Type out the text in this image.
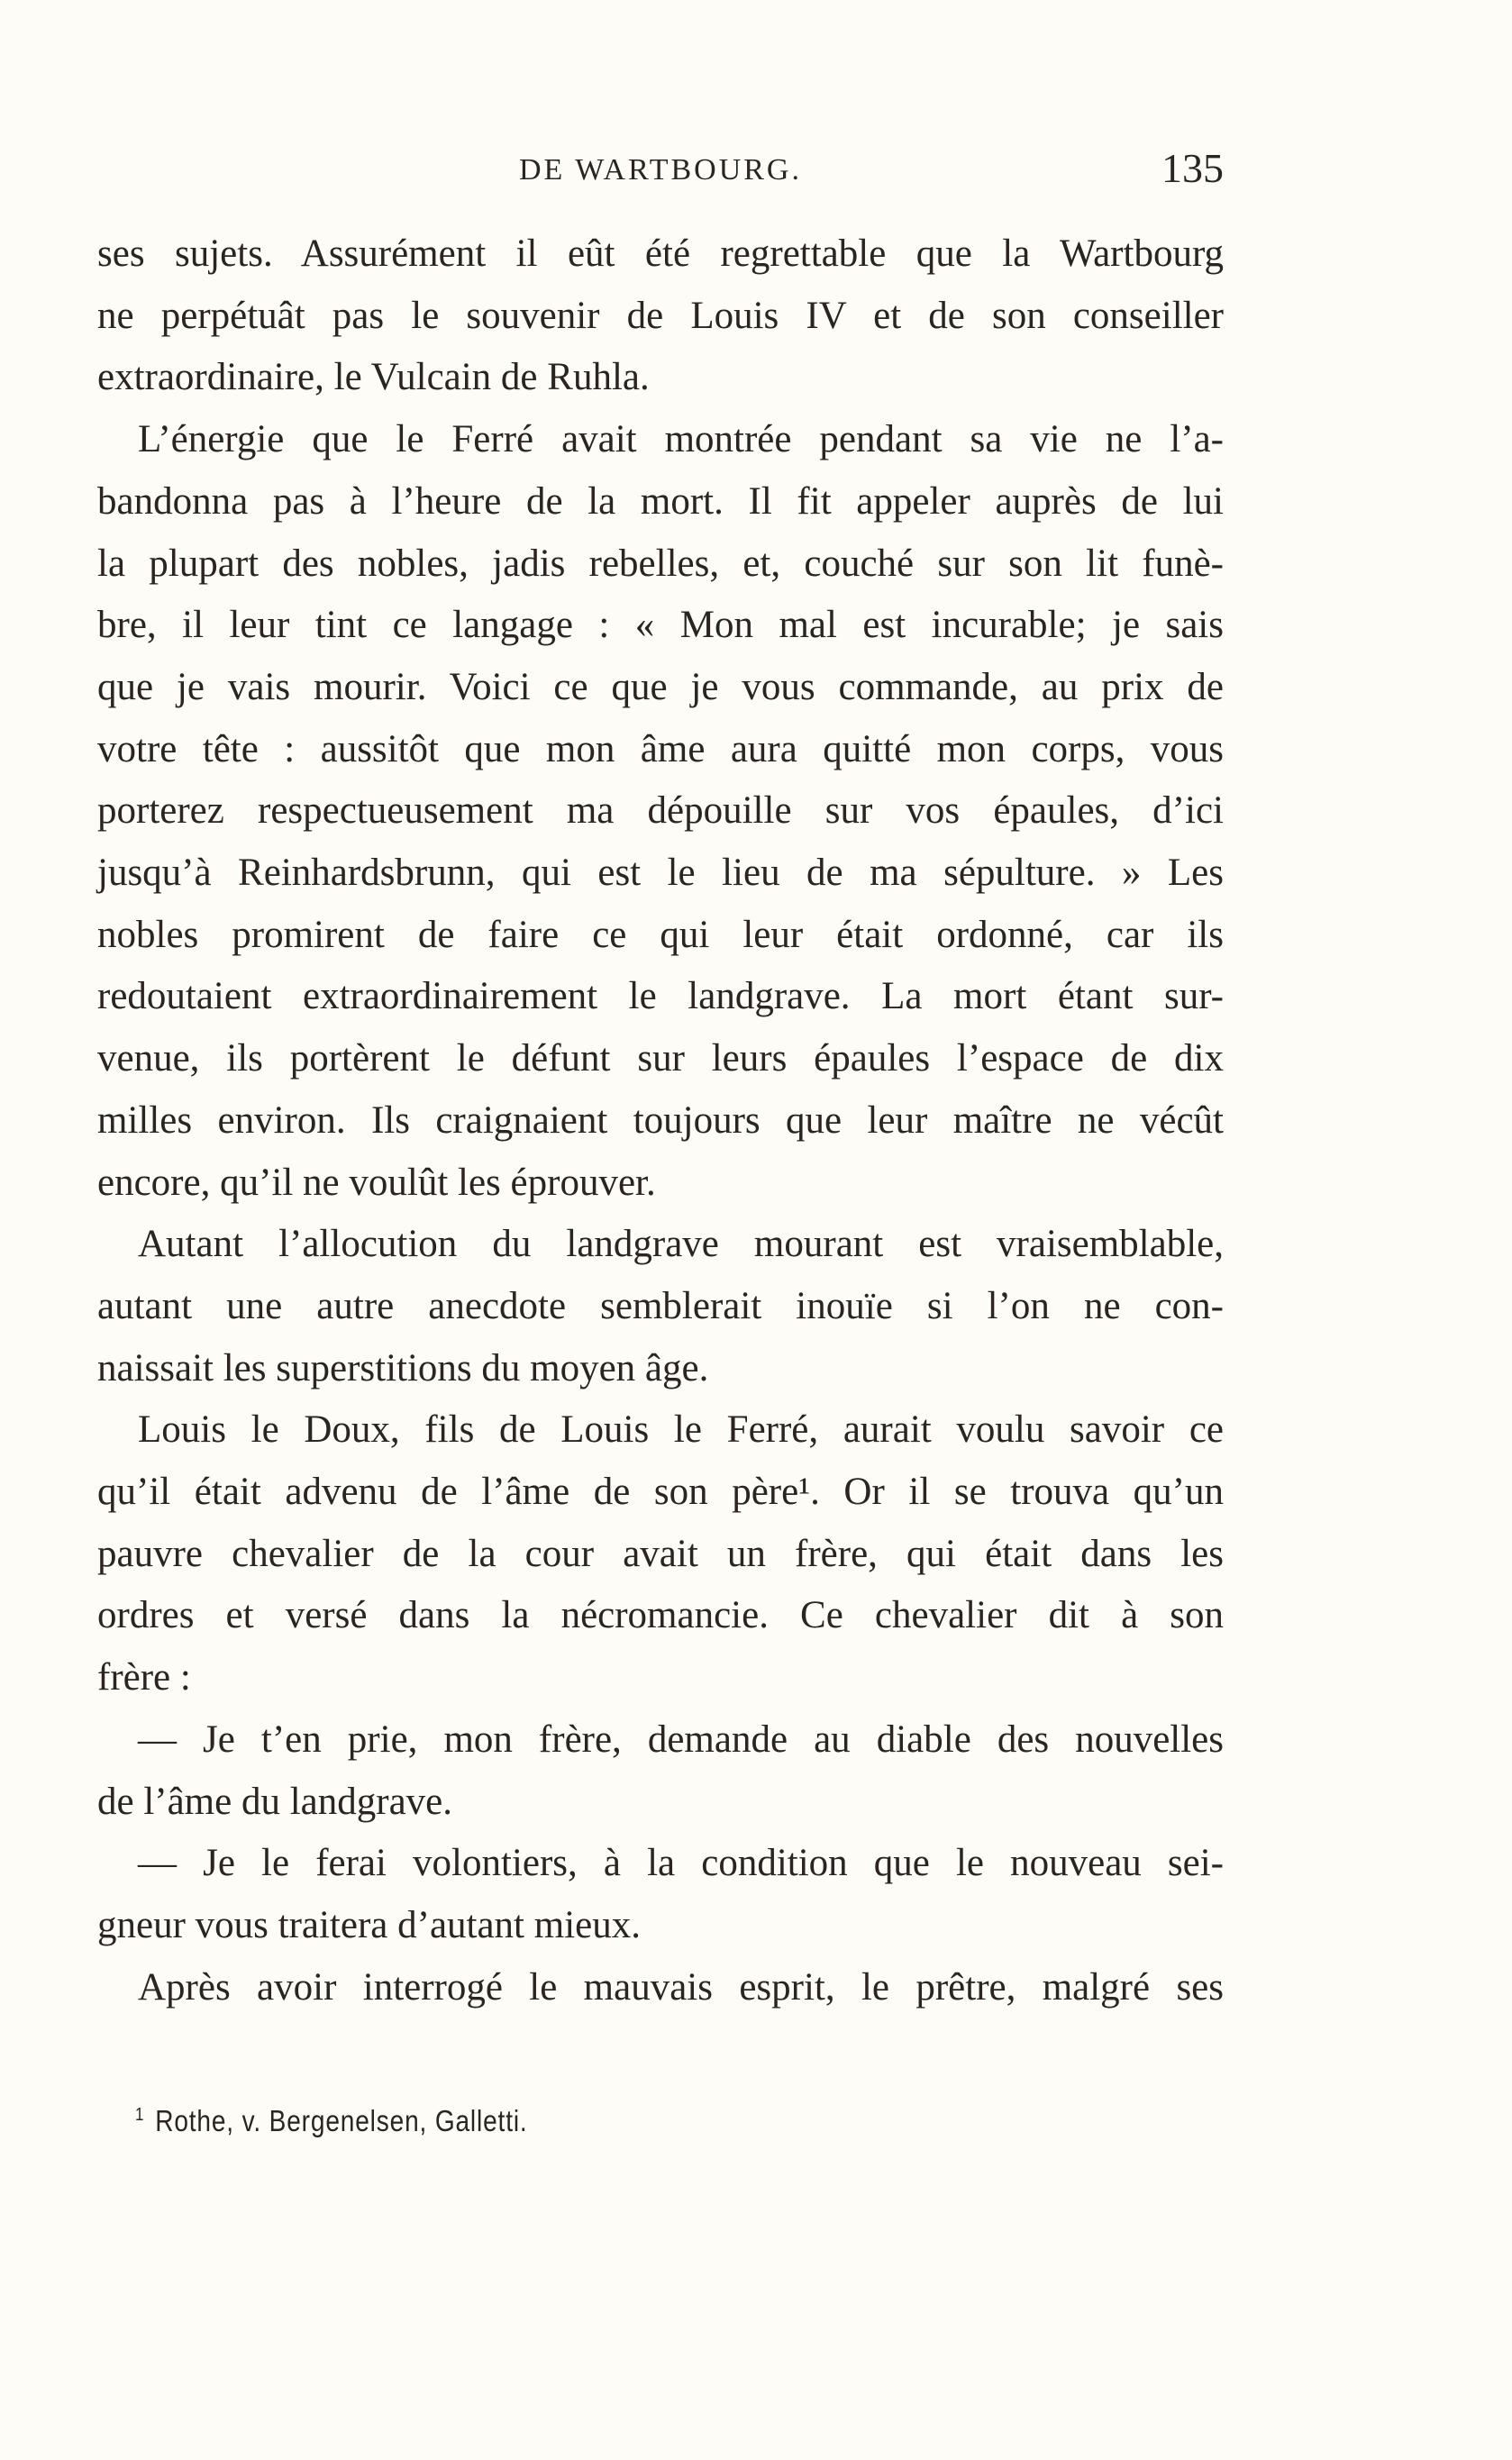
DE WARTBOURG.	135
ses sujets. Assurément il eût été regrettable que la Wartbourg
ne perpétuât pas le souvenir de Louis IV et de son conseiller
extraordinaire, le Vulcain de Ruhla.
L’énergie que le Ferré avait montrée pendant sa vie ne l’a-
bandonna pas à l’heure de la mort. Il fit appeler auprès de lui
la plupart des nobles, jadis rebelles, et, couché sur son lit funè-
bre, il leur tint ce langage : « Mon mal est incurable; je sais
que je vais mourir. Voici ce que je vous commande, au prix de
votre tête : aussitôt que mon âme aura quitté mon corps, vous
porterez respectueusement ma dépouille sur vos épaules, d’ici
jusqu’à Reinhardsbrunn, qui est le lieu de ma sépulture. » Les
nobles promirent de faire ce qui leur était ordonné, car ils
redoutaient extraordinairement le landgrave. La mort étant sur-
venue, ils portèrent le défunt sur leurs épaules l’espace de dix
milles environ. Ils craignaient toujours que leur maître ne vécût
encore, qu’il ne voulût les éprouver.
Autant l’allocution du landgrave mourant est vraisemblable,
autant une autre anecdote semblerait inouïe si l’on ne con-
naissait les superstitions du moyen âge.
Louis le Doux, fils de Louis le Ferré, aurait voulu savoir ce
qu’il était advenu de l’âme de son père¹. Or il se trouva qu’un
pauvre chevalier de la cour avait un frère, qui était dans les
ordres et versé dans la nécromancie. Ce chevalier dit à son
frère :
— Je t’en prie, mon frère, demande au diable des nouvelles
de l’âme du landgrave.
— Je le ferai volontiers, à la condition que le nouveau sei-
gneur vous traitera d’autant mieux.
Après avoir interrogé le mauvais esprit, le prêtre, malgré ses
$^1$ Rothe, v. Bergenelsen, Galletti.
